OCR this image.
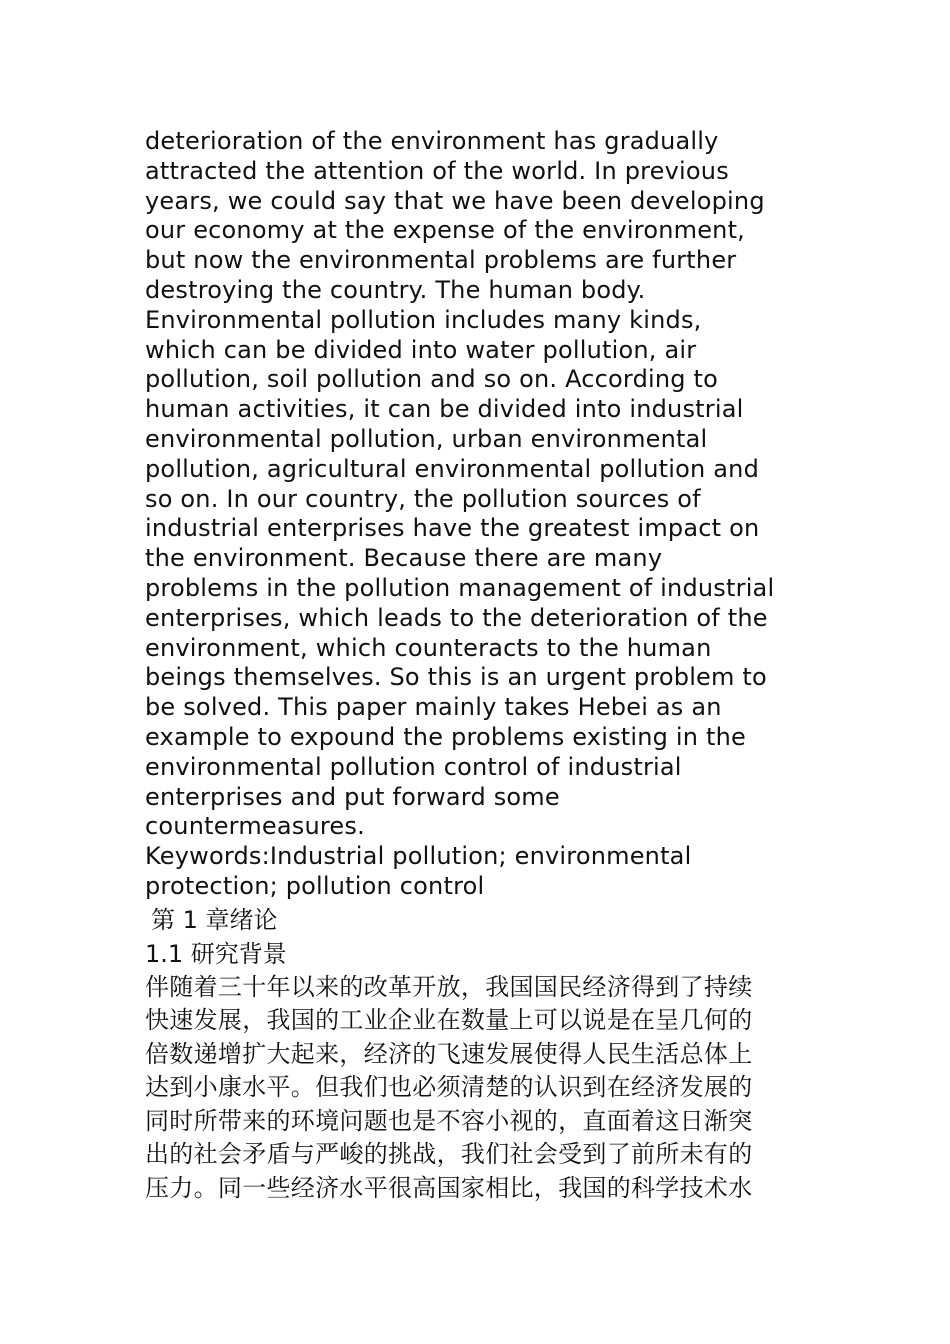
deterioration of the environment has gradually
attracted the attention of the world. In previous
years, we could say that we have been developing
our economy at the expense of the environment,
but now the environmental problems are further
destroying the country. The human body.
Environmental pollution includes many kinds,
which can be divided into water pollution, air
pollution, soil pollution and so on. According to
human activities, it can be divided into industrial
environmental pollution, urban environmental
pollution, agricultural environmental pollution and
so on. In our country, the pollution sources of
industrial enterprises have the greatest impact on
the environment. Because there are many
problems in the pollution management of industrial
enterprises, which leads to the deterioration of the
environment, which counteracts to the human
beings themselves. So this is an urgent problem to
be solved. This paper mainly takes Hebei as an
example to expound the problems existing in the
environmental pollution control of industrial
enterprises and put forward some
countermeasures.
Keywords:Industrial pollution; environmental
protection; pollution control
第 1 章绪论
1.1 研究背景
伴随着三十年以来的改革开放，我国国民经济得到了持续
快速发展，我国的工业企业在数量上可以说是在呈几何的
倍数递增扩大起来，经济的飞速发展使得人民生活总体上
达到小康水平。但我们也必须清楚的认识到在经济发展的
同时所带来的环境问题也是不容小视的，直面着这日渐突
出的社会矛盾与严峻的挑战，我们社会受到了前所未有的
压力。同一些经济水平很高国家相比，我国的科学技术水
